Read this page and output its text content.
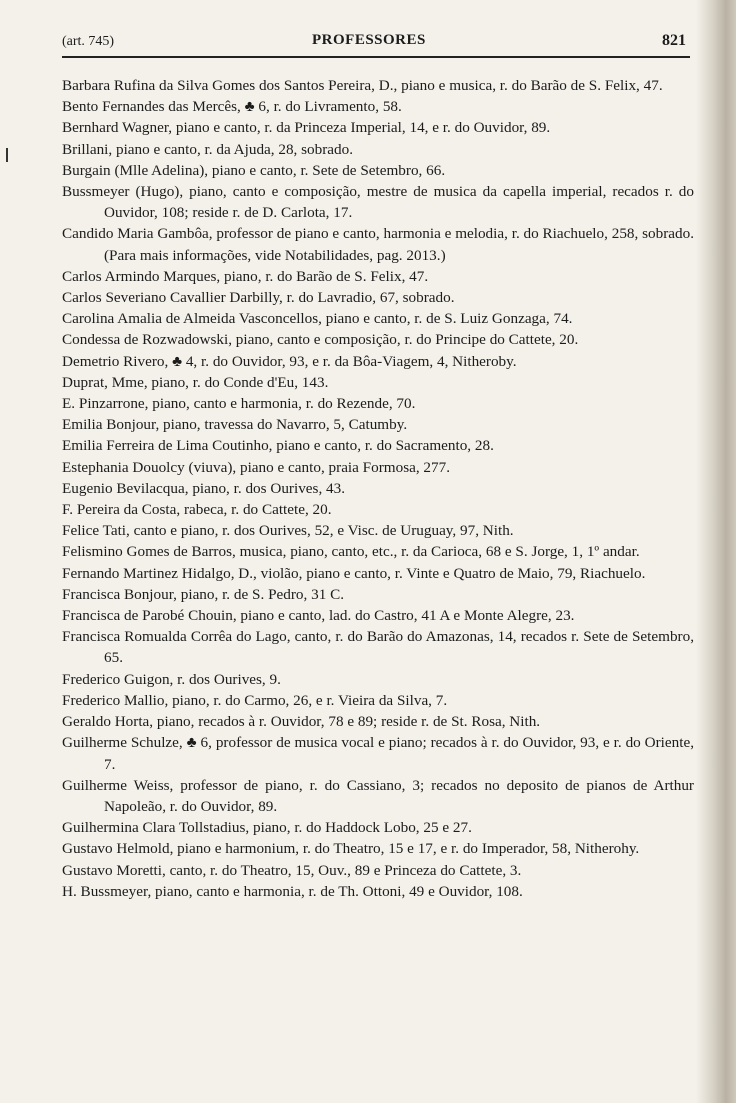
(art. 745)	PROFESSORES	821

Barbara Rufina da Silva Gomes dos Santos Pereira, D., piano e musica, r. do Barão de S. Felix, 47.

Bento Fernandes das Mercês, ♣ 6, r. do Livramento, 58.

Bernhard Wagner, piano e canto, r. da Princeza Imperial, 14, e r. do Ouvidor, 89.

Brillani, piano e canto, r. da Ajuda, 28, sobrado.

Burgain (Mlle Adelina), piano e canto, r. Sete de Setembro, 66.

Bussmeyer (Hugo), piano, canto e composição, mestre de musica da capella imperial, recados r. do Ouvidor, 108; reside r. de D. Carlota, 17.

Candido Maria Gambôa, professor de piano e canto, harmonia e melodia, r. do Riachuelo, 258, sobrado. (Para mais informações, vide Notabilidades, pag. 2013.)

Carlos Armindo Marques, piano, r. do Barão de S. Felix, 47.

Carlos Severiano Cavallier Darbilly, r. do Lavradio, 67, sobrado.

Carolina Amalia de Almeida Vasconcellos, piano e canto, r. de S. Luiz Gonzaga, 74.

Condessa de Rozwadowski, piano, canto e composição, r. do Principe do Cattete, 20.

Demetrio Rivero, ♣ 4, r. do Ouvidor, 93, e r. da Bôa-Viagem, 4, Nitheroby.

Duprat, Mme, piano, r. do Conde d'Eu, 143.

E. Pinzarrone, piano, canto e harmonia, r. do Rezende, 70.

Emilia Bonjour, piano, travessa do Navarro, 5, Catumby.

Emilia Ferreira de Lima Coutinho, piano e canto, r. do Sacramento, 28.

Estephania Douolcy (viuva), piano e canto, praia Formosa, 277.

Eugenio Bevilacqua, piano, r. dos Ourives, 43.

F. Pereira da Costa, rabeca, r. do Cattete, 20.

Felice Tati, canto e piano, r. dos Ourives, 52, e Visc. de Uruguay, 97, Nith.

Felismino Gomes de Barros, musica, piano, canto, etc., r. da Carioca, 68 e S. Jorge, 1, 1º andar.

Fernando Martinez Hidalgo, D., violão, piano e canto, r. Vinte e Quatro de Maio, 79, Riachuelo.

Francisca Bonjour, piano, r. de S. Pedro, 31 C.

Francisca de Parobé Chouin, piano e canto, lad. do Castro, 41 A e Monte Alegre, 23.

Francisca Romualda Corrêa do Lago, canto, r. do Barão do Amazonas, 14, recados r. Sete de Setembro, 65.

Frederico Guigon, r. dos Ourives, 9.

Frederico Mallio, piano, r. do Carmo, 26, e r. Vieira da Silva, 7.

Geraldo Horta, piano, recados à r. Ouvidor, 78 e 89; reside r. de St. Rosa, Nith.

Guilherme Schulze, ♣ 6, professor de musica vocal e piano; recados à r. do Ouvidor, 93, e r. do Oriente, 7.

Guilherme Weiss, professor de piano, r. do Cassiano, 3; recados no deposito de pianos de Arthur Napoleão, r. do Ouvidor, 89.

Guilhermina Clara Tollstadius, piano, r. do Haddock Lobo, 25 e 27.

Gustavo Helmold, piano e harmonium, r. do Theatro, 15 e 17, e r. do Imperador, 58, Nitherohy.

Gustavo Moretti, canto, r. do Theatro, 15, Ouv., 89 e Princeza do Cattete, 3.

H. Bussmeyer, piano, canto e harmonia, r. de Th. Ottoni, 49 e Ouvidor, 108.
